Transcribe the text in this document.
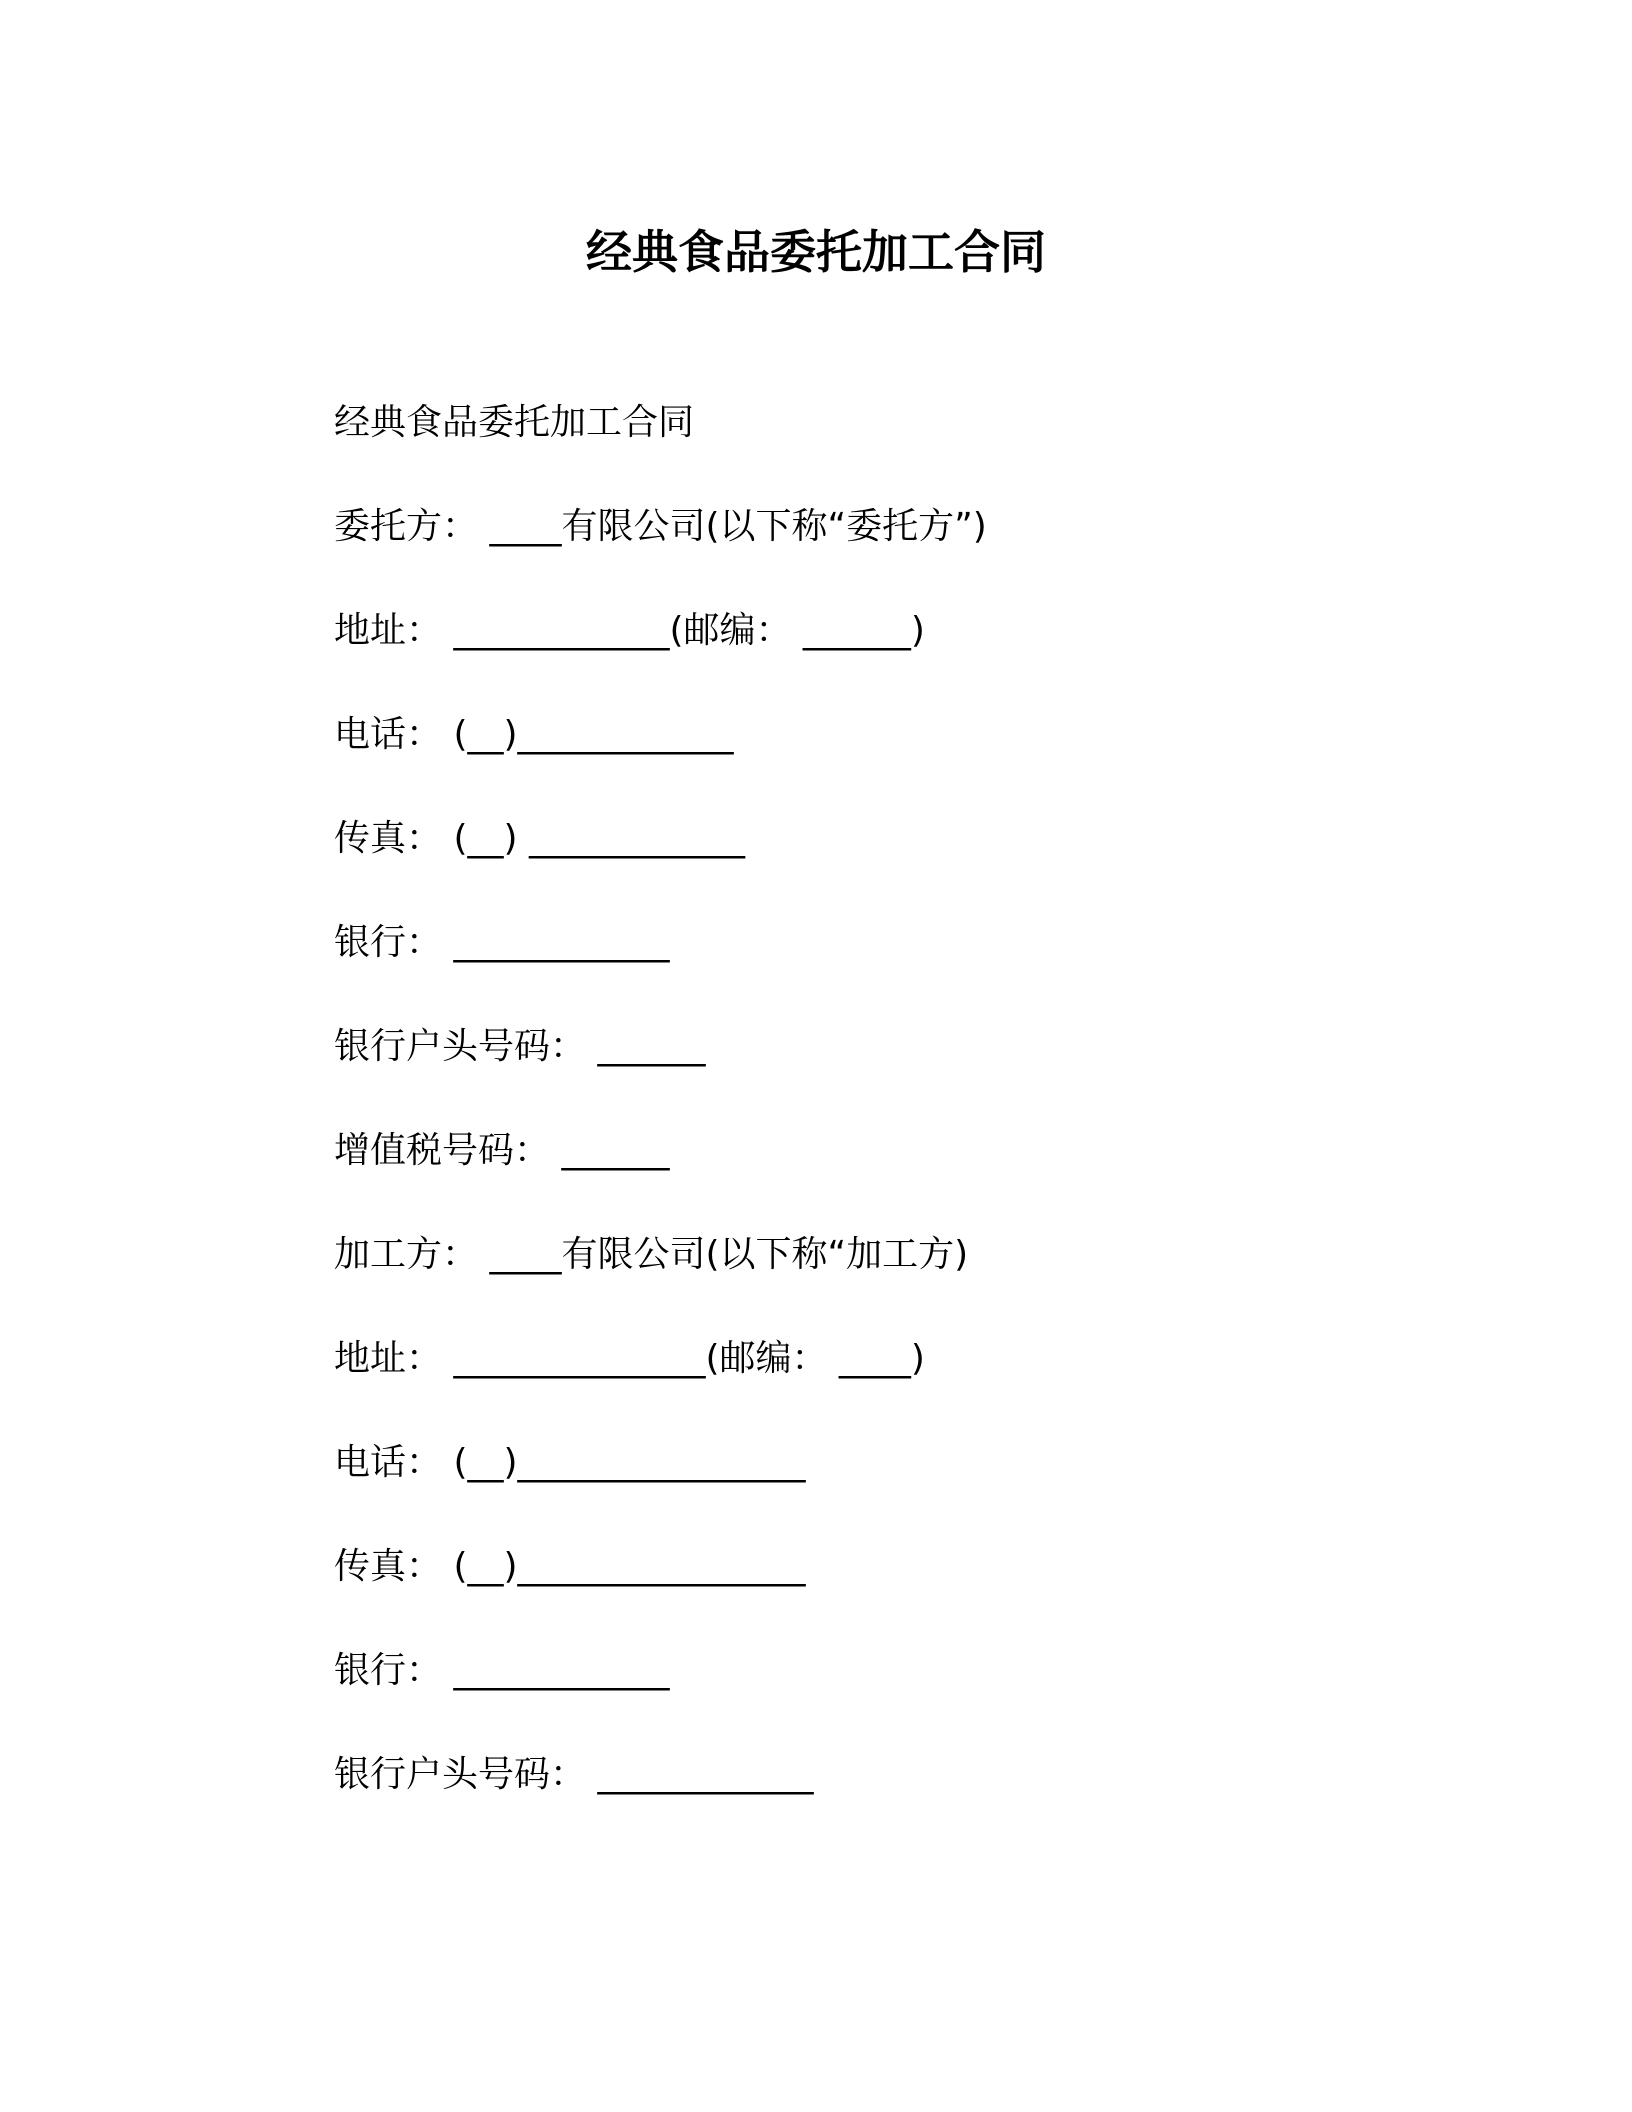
经典食品委托加工合同
经典食品委托加工合同
委托方： ____有限公司(以下称“委托方”)
地址： ____________(邮编： ______)
电话： (__)____________
传真： (__) ____________
银行： ____________
银行户头号码： ______
增值税号码： ______
加工方： ____有限公司(以下称“加工方)
地址： ______________(邮编： ____)
电话： (__)________________
传真： (__)________________
银行： ____________
银行户头号码： ____________
